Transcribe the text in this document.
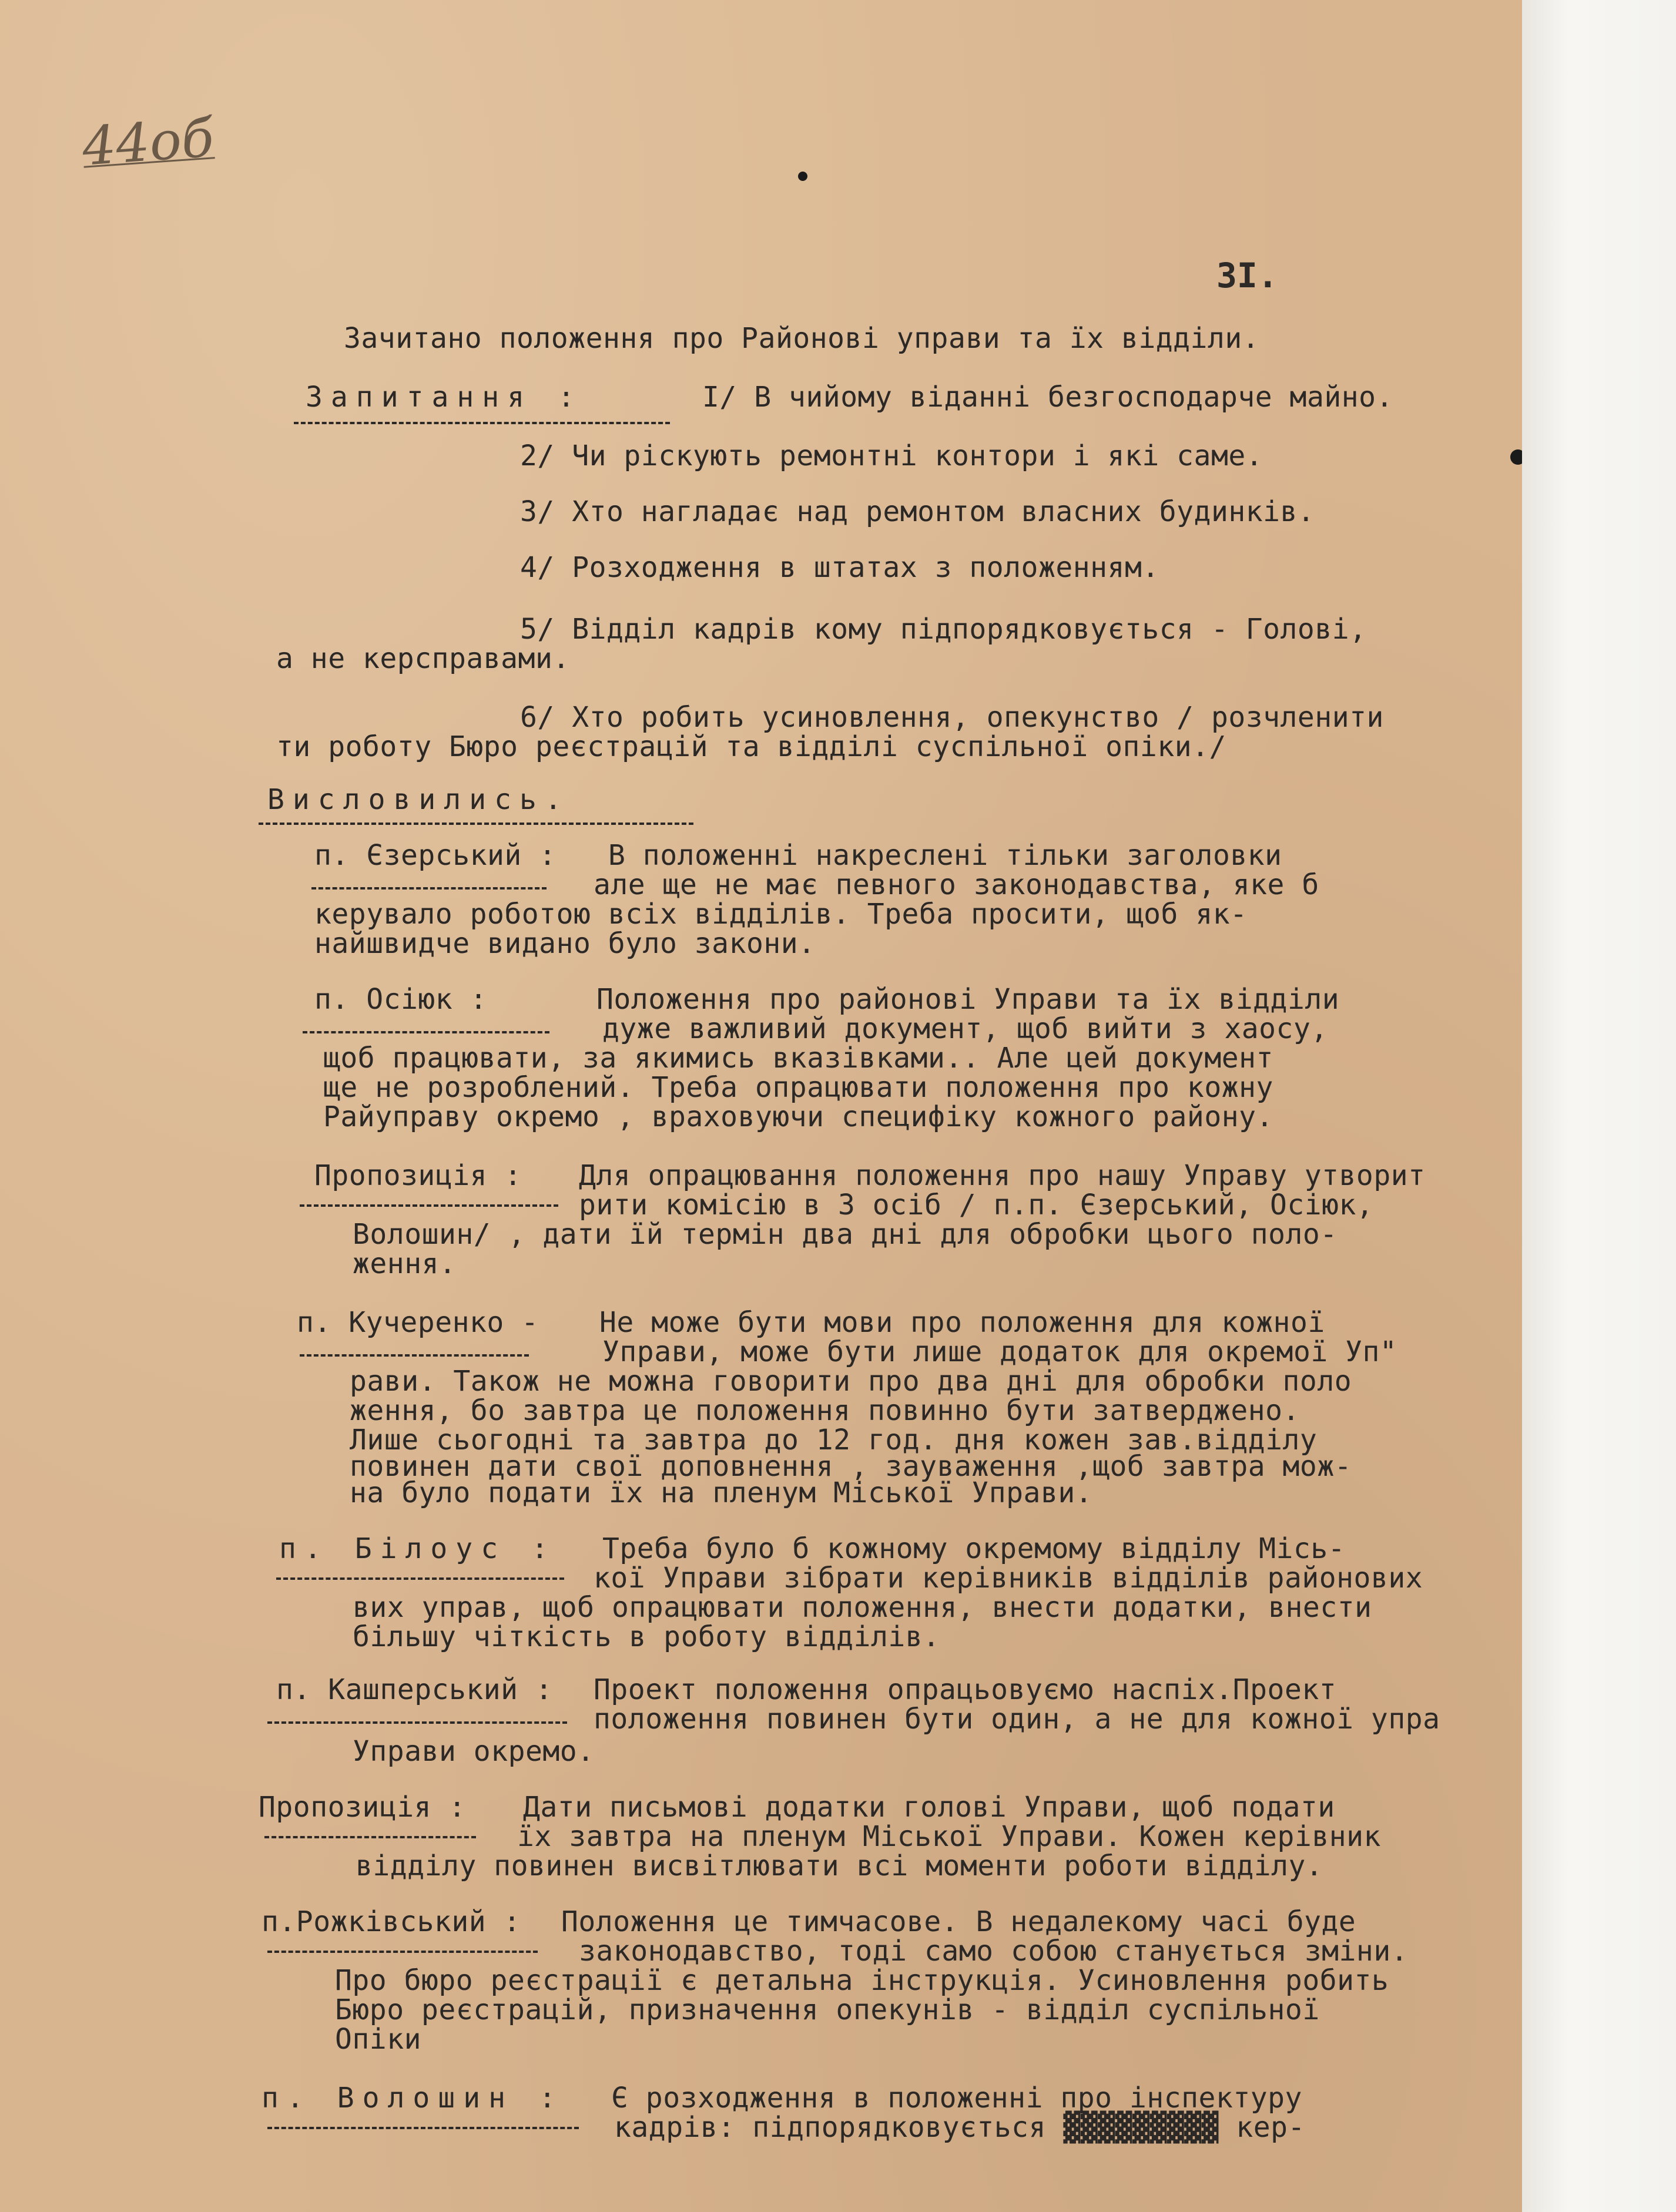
44об
3I.
Зачитано положення про Районові управи та їх відділи.
Запитання :	I/ В чийому віданні безгосподарче майно.
2/ Чи ріскують ремонтні контори і які саме.
3/ Хто нагладає над ремонтом власних будинків.
4/ Розходження в штатах з положенням.
5/ Відділ кадрів кому підпорядковується - Голові,
а не керсправами.
6/ Хто робить усиновлення, опекунство / розчленити
ти роботу Бюро реєстрацій та відділі суспільної опіки./
Висловились.
п. Єзерський : В положенні накреслені тільки заголовки
але ще не має певного законодавства, яке б
керувало роботою всіх відділів. Треба просити, щоб як-
найшвидче видано було закони.
п. Осіюк :	Положення про районові Управи та їх відділи
дуже важливий документ, щоб вийти з хаосу,
щоб працювати, за якимись вказівками.. Але цей документ
ще не розроблений. Треба опрацювати положення про кожну
Райуправу окремо , враховуючи специфіку кожного району.
Пропозиція : Для опрацювання положення про нашу Управу утворит
рити комісію в 3 осіб / п.п. Єзерський, Осіюк,
Волошин/ , дати їй термін два дні для обробки цього поло-
ження.
п. Кучеренко - Не може бути мови про положення для кожної
Управи, може бути лише додаток для окремої Уп"
рави. Також не можна говорити про два дні для обробки поло
ження, бо завтра це положення повинно бути затверджено.
Лише сьогодні та завтра до 12 год. дня кожен зав.відділу
повинен дати свої доповнення , зауваження ,щоб завтра мож-
на було подати їх на пленум Міської Управи.
п. Білоус : Треба було б кожному окремому відділу Місь-
кої Управи зібрати керівників відділів районових
вих управ, щоб опрацювати положення, внести додатки, внести
більшу чіткість в роботу відділів.
п. Кашперський : Проект положення опрацьовуємо наспіх.Проект
положення повинен бути один, а не для кожної упра
Управи окремо.
Пропозиція : Дати письмові додатки голові Управи, щоб подати
їх завтра на пленум Міської Управи. Кожен керівник
відділу повинен висвітлювати всі моменти роботи відділу.
п.Рожківський : Положення це тимчасове. В недалекому часі буде
законодавство, тоді само собою станується зміни.
Про бюро реєстрації є детальна інструкція. Усиновлення робить
Бюро реєстрацій, призначення опекунів - відділ суспільної
Опіки
п. Волошин : Є розходження в положенні про інспектуру
кадрів: підпорядковується ▓▓▓▓▓▓▓▓▓ кер-
